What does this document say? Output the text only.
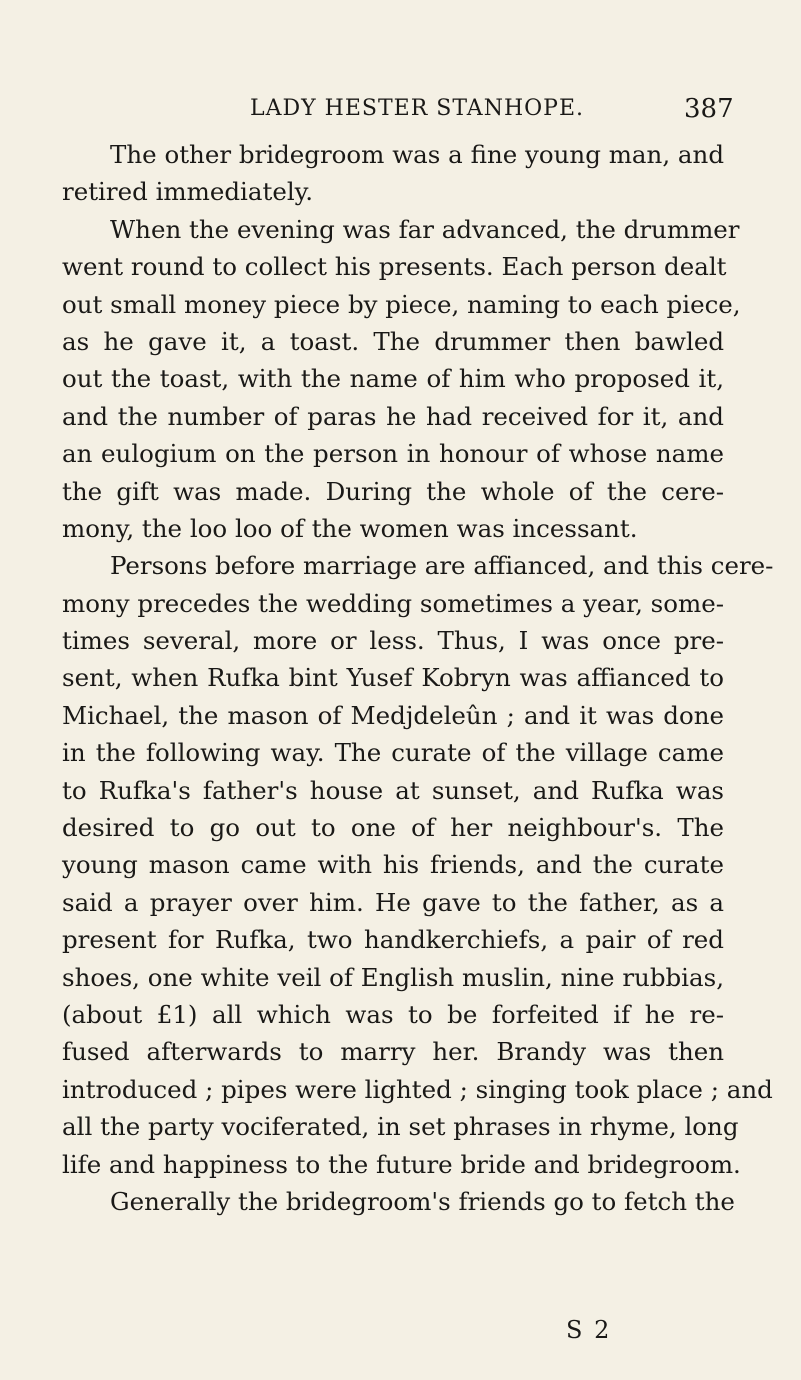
LADY HESTER STANHOPE.	387
The other bridegroom was a fine young man, and
retired immediately.
When the evening was far advanced, the drummer
went round to collect his presents. Each person dealt
out small money piece by piece, naming to each piece,
as he gave it, a toast. The drummer then bawled
out the toast, with the name of him who proposed it,
and the number of paras he had received for it, and
an eulogium on the person in honour of whose name
the gift was made. During the whole of the cere-
mony, the loo loo of the women was incessant.
Persons before marriage are affianced, and this cere-
mony precedes the wedding sometimes a year, some-
times several, more or less. Thus, I was once pre-
sent, when Rufka bint Yusef Kobryn was affianced to
Michael, the mason of Medjdeleûn ; and it was done
in the following way. The curate of the village came
to Rufka's father's house at sunset, and Rufka was
desired to go out to one of her neighbour's. The
young mason came with his friends, and the curate
said a prayer over him. He gave to the father, as a
present for Rufka, two handkerchiefs, a pair of red
shoes, one white veil of English muslin, nine rubbias,
(about £1) all which was to be forfeited if he re-
fused afterwards to marry her. Brandy was then
introduced ; pipes were lighted ; singing took place ; and
all the party vociferated, in set phrases in rhyme, long
life and happiness to the future bride and bridegroom.
Generally the bridegroom's friends go to fetch the
S 2
